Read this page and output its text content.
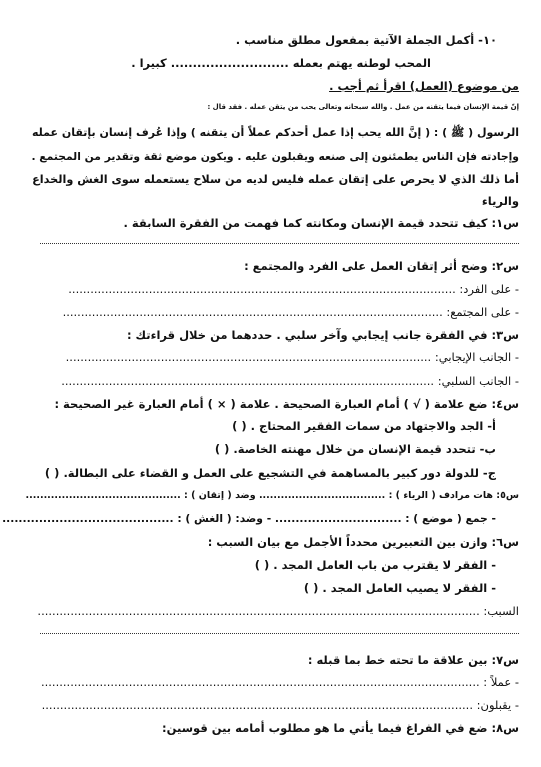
١٠- أكمل الجملة الآتية بمفعول مطلق مناسب .
المحب لوطنه يهتم بعمله ........................... كبيرا .
من موضوع (العمل) اقرأ ثم أجب .
إنّ قيمة الإنسان فيما يتقنه من عمل . والله سبحانه وتعالى يحب من يتقن عمله . فقد قال :
الرسول ( ﷺ ) : ( إنَّ الله يحب إذا عمل أحدكم عملاً أن يتقنه ) وإذا عُرف إنسان بإتقان عمله
وإجادته فإن الناس يطمئنون إلى صنعه ويقبلون عليه . ويكون موضع ثقة وتقدير من المجتمع .
أما ذلك الذي لا يحرص على إتقان عمله فليس لديه من سلاح يستعمله سوى الغش والخداع
والرياء
س١: كيف تتحدد قيمة الإنسان ومكانته كما فهمت من الفقرة السابقة .
س٢: وضح أثر إتقان العمل على الفرد والمجتمع :
- على الفرد: ..........................................................................................................
- على المجتمع: ........................................................................................................
س٣: في الفقرة جانب إيجابي وآخر سلبي . حددهما من خلال قراءتك :
- الجانب الإيجابي: ....................................................................................................
- الجانب السلبي: ......................................................................................................
س٤: ضع علامة ( √ ) أمام العبارة الصحيحة . علامة ( × ) أمام العبارة غير الصحيحة :
أ- الجد والاجتهاد من سمات الفقير المحتاج . ( )
ب- تتحدد قيمة الإنسان من خلال مهنته الخاصة. ( )
ج- للدولة دور كبير بالمساهمة في التشجيع على العمل و القضاء على البطالة. ( )
س٥: هات مرادف ( الرياء ) : ................................... وضد ( إتقان ) : ...........................................
- جمع ( موضع ) : ............................... - وضد: ( الغش ) : ..........................................
س٦: وازن بين التعبيرين محدداً الأجمل مع بيان السبب :
- الفقر لا يقترب من باب العامل المجد . ( )
- الفقر لا يصيب العامل المجد . ( )
السبب: .........................................................................................................................
س٧: بين علاقة ما تحته خط بما قبله :
- عملاً : ........................................................................................................................
- يقبلون: ......................................................................................................................
س٨: ضع في الفراغ فيما يأتي ما هو مطلوب أمامه بين قوسين:
